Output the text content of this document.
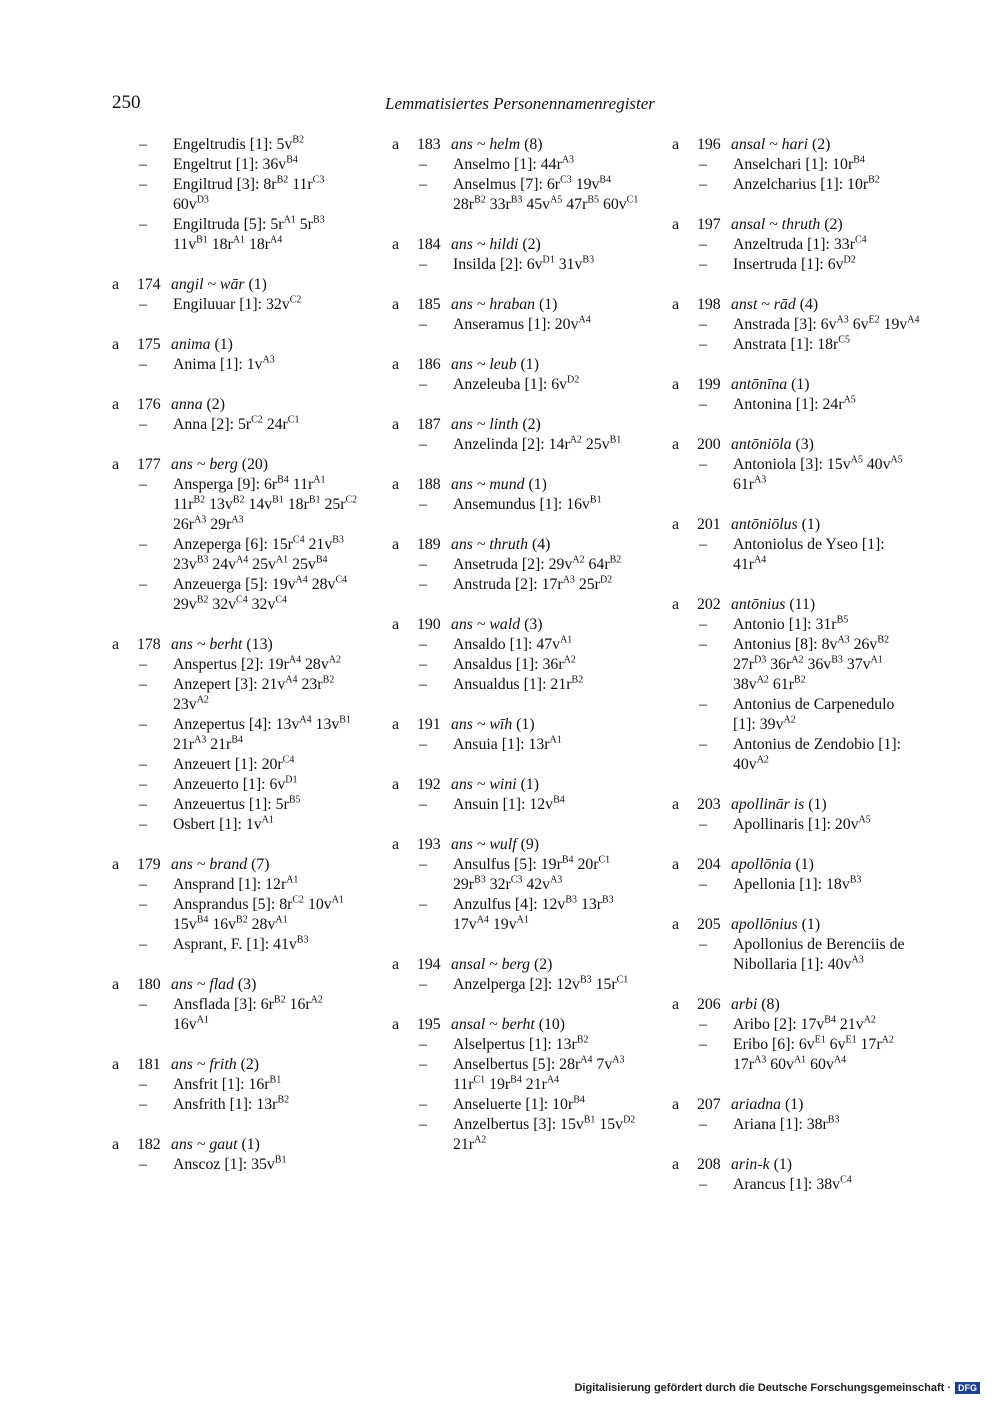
250	Lemmatisiertes Personennamenregister
–	Engeltrudis [1]: $5v^{B2}$
–	Engeltrut [1]: $36v^{B4}$
–	Engiltrud [3]: $8r^{B2}$ $11r^{C3}$ $60v^{D3}$
–	Engiltruda [5]: $5r^{A1}$ $5r^{B3}$ $11v^{B1}$ $18r^{A1}$ $18r^{A4}$
a	174 angil ~ wār (1)
–	Engiluuar [1]: $32v^{C2}$
a	175 anima (1)
–	Anima [1]: $1v^{A3}$
a	176 anna (2)
–	Anna [2]: $5r^{C2}$ $24r^{C1}$
a	177 ans ~ berg (20)
–	Ansperga [9]: $6r^{B4}$ $11r^{A1}$ $11r^{B2}$ $13v^{B2}$ $14v^{B1}$ $18r^{B1}$ $25r^{C2}$ $26r^{A3}$ $29r^{A3}$
–	Anzeperga [6]: $15r^{C4}$ $21v^{B3}$ $23v^{B3}$ $24v^{A4}$ $25v^{A1}$ $25v^{B4}$
–	Anzeuerga [5]: $19v^{A4}$ $28v^{C4}$ $29v^{B2}$ $32v^{C4}$ $32v^{C4}$
a	178 ans ~ berht (13)
–	Anspertus [2]: $19r^{A4}$ $28v^{A2}$
–	Anzepert [3]: $21v^{A4}$ $23r^{B2}$ $23v^{A2}$
–	Anzepertus [4]: $13v^{A4}$ $13v^{B1}$ $21r^{A3}$ $21r^{B4}$
–	Anzeuert [1]: $20r^{C4}$
–	Anzeuerto [1]: $6v^{D1}$
–	Anzeuertus [1]: $5r^{B5}$
–	Osbert [1]: $1v^{A1}$
a	179 ans ~ brand (7)
–	Ansprand [1]: $12r^{A1}$
–	Ansprandus [5]: $8r^{C2}$ $10v^{A1}$ $15v^{B4}$ $16v^{B2}$ $28v^{A1}$
–	Asprant, F. [1]: $41v^{B3}$
a	180 ans ~ flad (3)
–	Ansflada [3]: $6r^{B2}$ $16r^{A2}$ $16v^{A1}$
a	181 ans ~ frith (2)
–	Ansfrit [1]: $16r^{B1}$
–	Ansfrith [1]: $13r^{B2}$
a	182 ans ~ gaut (1)
–	Anscoz [1]: $35v^{B1}$
a	183 ans ~ helm (8)
–	Anselmo [1]: $44r^{A3}$
–	Anselmus [7]: $6r^{C3}$ $19v^{B4}$ $28r^{B2}$ $33r^{B3}$ $45v^{A5}$ $47r^{B5}$ $60v^{C1}$
a	184 ans ~ hildi (2)
–	Insilda [2]: $6v^{D1}$ $31v^{B3}$
a	185 ans ~ hraban (1)
–	Anseramus [1]: $20v^{A4}$
a	186 ans ~ leub (1)
–	Anzeleuba [1]: $6v^{D2}$
a	187 ans ~ linth (2)
–	Anzelinda [2]: $14r^{A2}$ $25v^{B1}$
a	188 ans ~ mund (1)
–	Ansemundus [1]: $16v^{B1}$
a	189 ans ~ thruth (4)
–	Ansetruda [2]: $29v^{A2}$ $64r^{B2}$
–	Anstruda [2]: $17r^{A3}$ $25r^{D2}$
a	190 ans ~ wald (3)
–	Ansaldo [1]: $47v^{A1}$
–	Ansaldus [1]: $36r^{A2}$
–	Ansualdus [1]: $21r^{B2}$
a	191 ans ~ wīh (1)
–	Ansuia [1]: $13r^{A1}$
a	192 ans ~ wini (1)
–	Ansuin [1]: $12v^{B4}$
a	193 ans ~ wulf (9)
–	Ansulfus [5]: $19r^{B4}$ $20r^{C1}$ $29r^{B3}$ $32r^{C3}$ $42v^{A3}$
–	Anzulfus [4]: $12v^{B3}$ $13r^{B3}$ $17v^{A4}$ $19v^{A1}$
a	194 ansal ~ berg (2)
–	Anzelperga [2]: $12v^{B3}$ $15r^{C1}$
a	195 ansal ~ berht (10)
–	Alselpertus [1]: $13r^{B2}$
–	Anselbertus [5]: $28r^{A4}$ $7v^{A3}$ $11r^{C1}$ $19r^{B4}$ $21r^{A4}$
–	Anseluerte [1]: $10r^{B4}$
–	Anzelbertus [3]: $15v^{B1}$ $15v^{D2}$ $21r^{A2}$
a	196 ansal ~ hari (2)
–	Anselchari [1]: $10r^{B4}$
–	Anzelcharius [1]: $10r^{B2}$
a	197 ansal ~ thruth (2)
–	Anzeltruda [1]: $33r^{C4}$
–	Insertruda [1]: $6v^{D2}$
a	198 anst ~ rād (4)
–	Anstrada [3]: $6v^{A3}$ $6v^{E2}$ $19v^{A4}$
–	Anstrata [1]: $18r^{C5}$
a	199 antōnīna (1)
–	Antonina [1]: $24r^{A5}$
a	200 antōniōla (3)
–	Antoniola [3]: $15v^{A5}$ $40v^{A5}$ $61r^{A3}$
a	201 antōniōlus (1)
–	Antoniolus de Yseo [1]: $41r^{A4}$
a	202 antōnius (11)
–	Antonio [1]: $31r^{B5}$
–	Antonius [8]: $8v^{A3}$ $26v^{B2}$ $27r^{D3}$ $36r^{A2}$ $36v^{B3}$ $37v^{A1}$ $38v^{A2}$ $61r^{B2}$
–	Antonius de Carpenedulo [1]: $39v^{A2}$
–	Antonius de Zendobio [1]: $40v^{A2}$
a	203 apollinār is (1)
–	Apollinaris [1]: $20v^{A5}$
a	204 apollōnia (1)
–	Apellonia [1]: $18v^{B3}$
a	205 apollōnius (1)
–	Apollonius de Berenciis de Nibollaria [1]: $40v^{A3}$
a	206 arbi (8)
–	Aribo [2]: $17v^{B4}$ $21v^{A2}$
–	Eribo [6]: $6v^{E1}$ $6v^{E1}$ $17r^{A2}$ $17r^{A3}$ $60v^{A1}$ $60v^{A4}$
a	207 ariadna (1)
–	Ariana [1]: $38r^{B3}$
a	208 arin-k (1)
–	Arancus [1]: $38v^{C4}$
Digitalisierung gefördert durch die Deutsche Forschungsgemeinschaft · DFG
